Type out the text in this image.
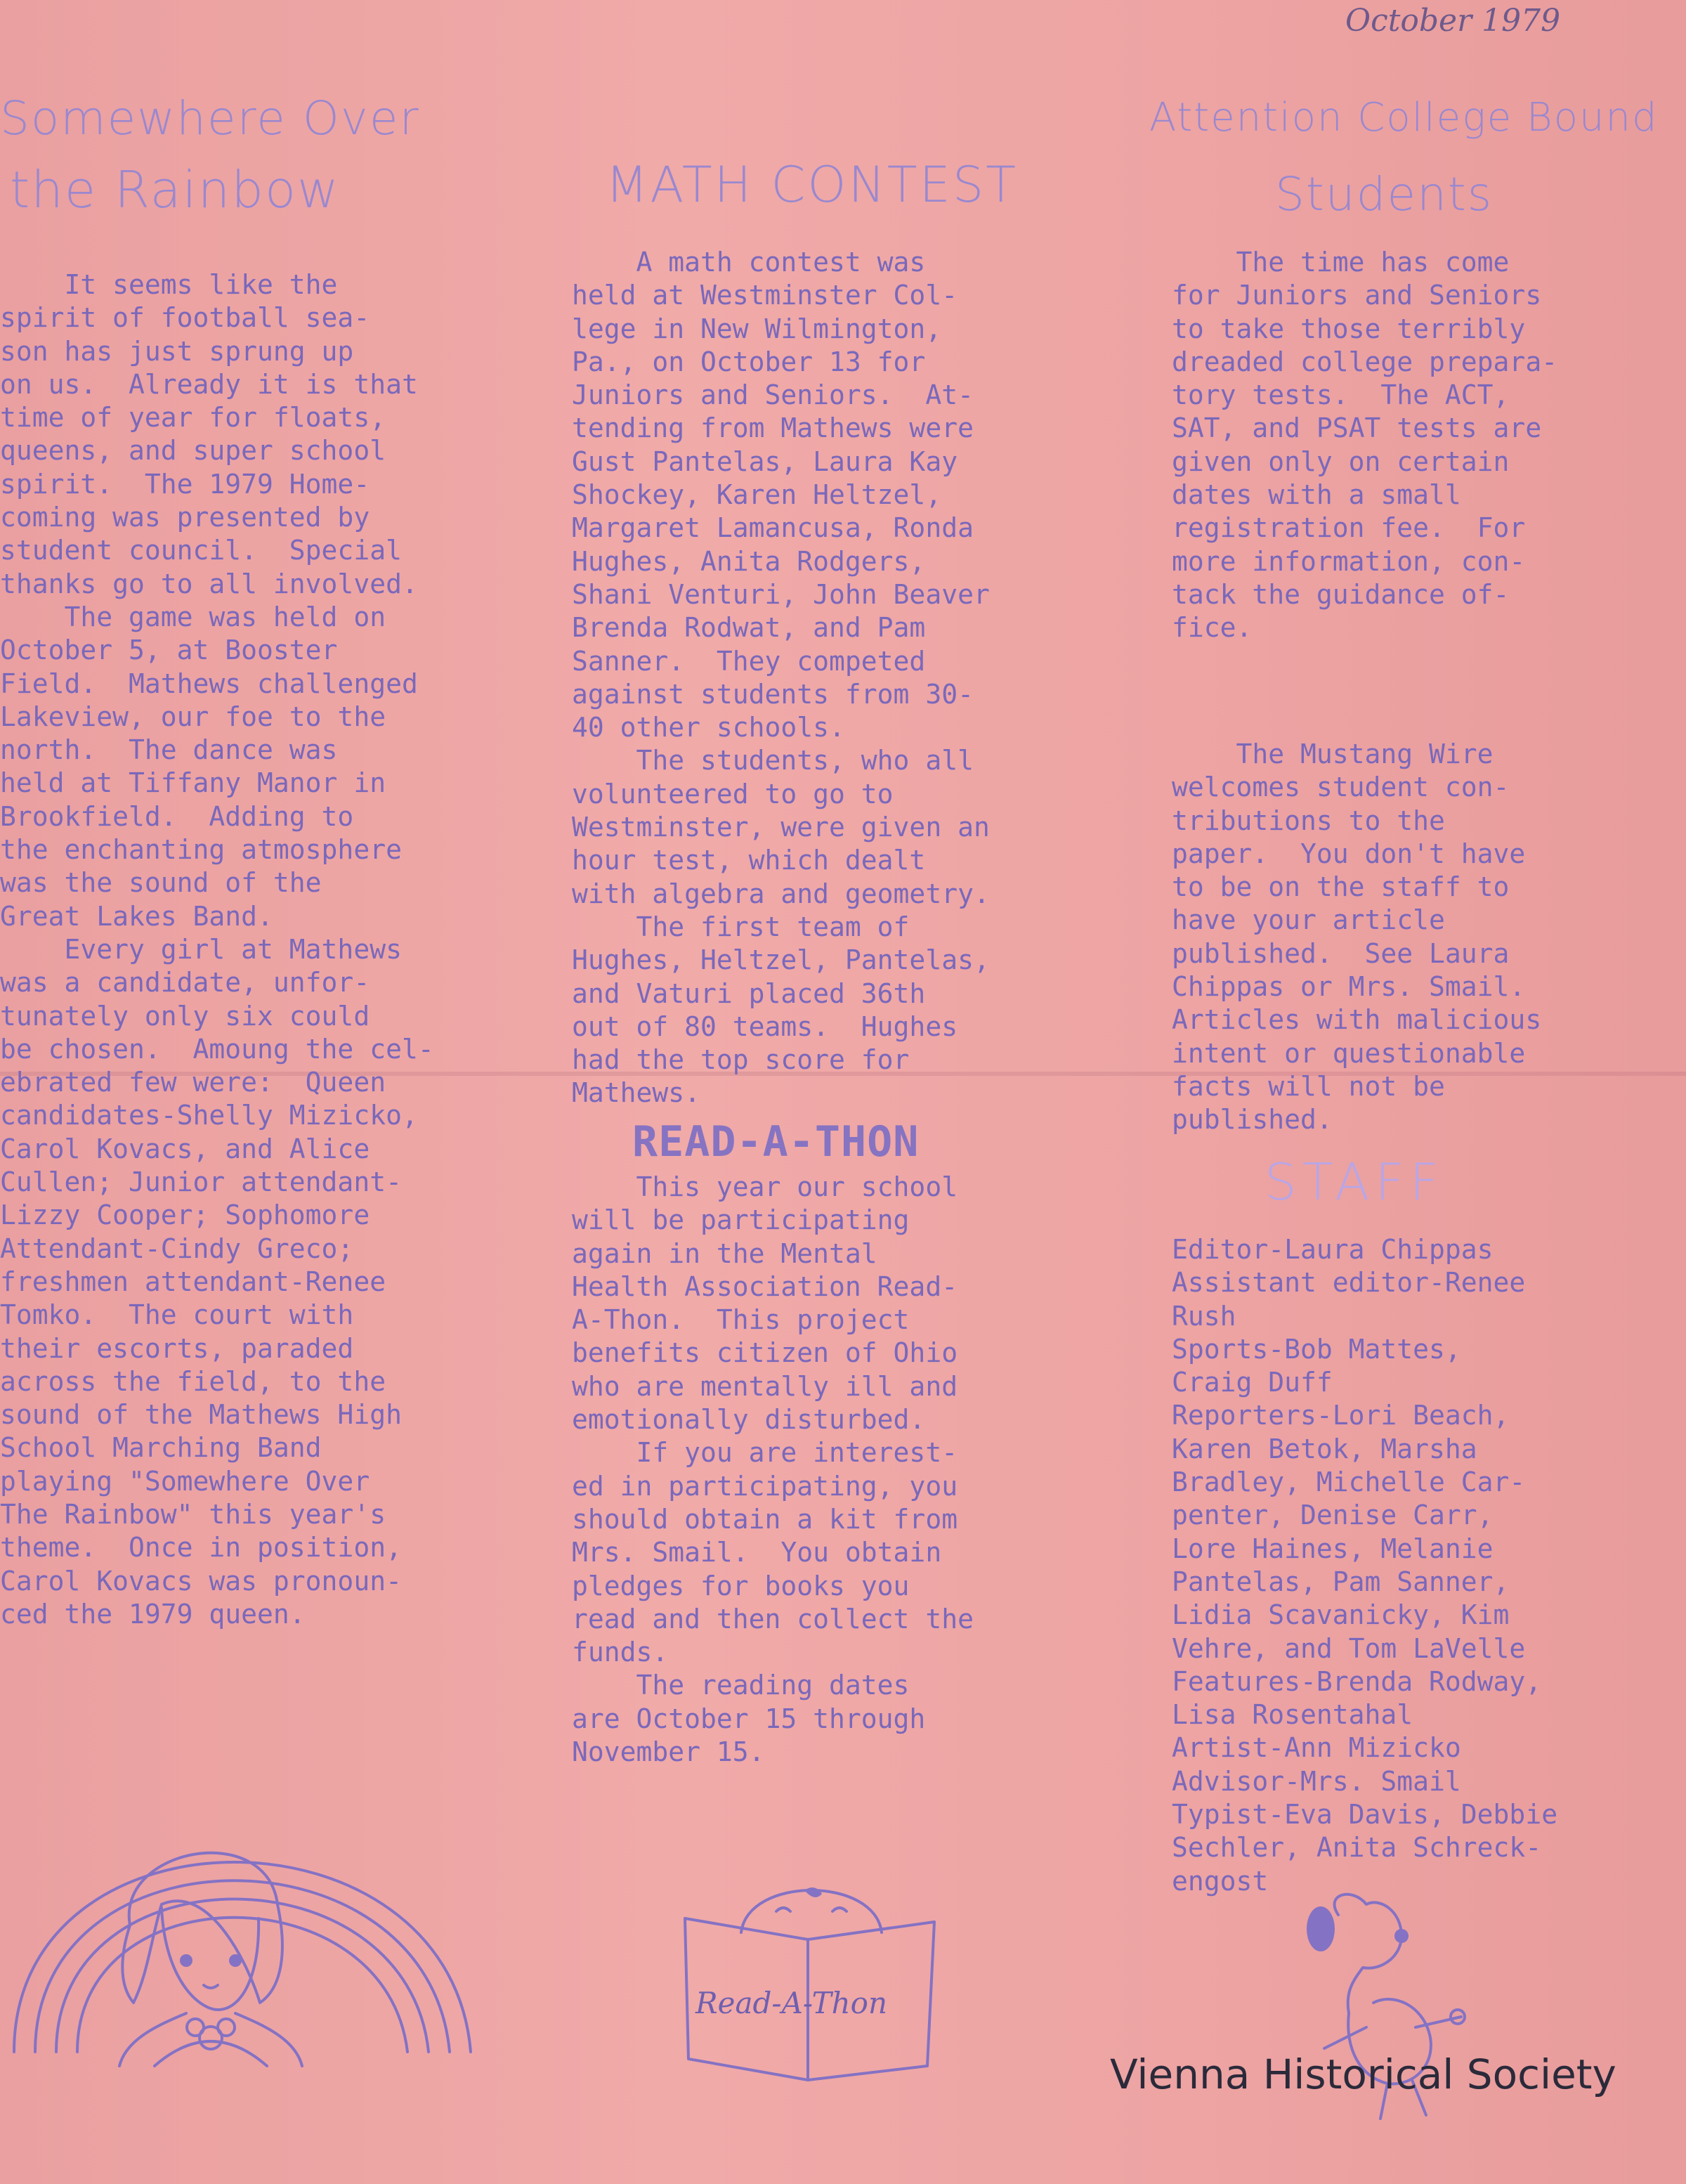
October 1979
Somewhere Over
the Rainbow
It seems like the
spirit of football sea-
son has just sprung up
on us.  Already it is that
time of year for floats,
queens, and super school
spirit.  The 1979 Home-
coming was presented by
student council.  Special
thanks go to all involved.
The game was held on
October 5, at Booster
Field.  Mathews challenged
Lakeview, our foe to the
north.  The dance was
held at Tiffany Manor in
Brookfield.  Adding to
the enchanting atmosphere
was the sound of the
Great Lakes Band.
Every girl at Mathews
was a candidate, unfor-
tunately only six could
be chosen.  Amoung the cel-
ebrated few were:  Queen
candidates-Shelly Mizicko,
Carol Kovacs, and Alice
Cullen; Junior attendant-
Lizzy Cooper; Sophomore
Attendant-Cindy Greco;
freshmen attendant-Renee
Tomko.  The court with
their escorts, paraded
across the field, to the
sound of the Mathews High
School Marching Band
playing "Somewhere Over
The Rainbow" this year's
theme.  Once in position,
Carol Kovacs was pronoun-
ced the 1979 queen.
MATH CONTEST
A math contest was
held at Westminster Col-
lege in New Wilmington,
Pa., on October 13 for
Juniors and Seniors.  At-
tending from Mathews were
Gust Pantelas, Laura Kay
Shockey, Karen Heltzel,
Margaret Lamancusa, Ronda
Hughes, Anita Rodgers,
Shani Venturi, John Beaver
Brenda Rodwat, and Pam
Sanner.  They competed
against students from 30-
40 other schools.
The students, who all
volunteered to go to
Westminster, were given an
hour test, which dealt
with algebra and geometry.
The first team of
Hughes, Heltzel, Pantelas,
and Vaturi placed 36th
out of 80 teams.  Hughes
had the top score for
Mathews.
READ-A-THON
This year our school
will be participating
again in the Mental
Health Association Read-
A-Thon.  This project
benefits citizen of Ohio
who are mentally ill and
emotionally disturbed.
If you are interest-
ed in participating, you
should obtain a kit from
Mrs. Smail.  You obtain
pledges for books you
read and then collect the
funds.
The reading dates
are October 15 through
November 15.
Attention College Bound
Students
The time has come
for Juniors and Seniors
to take those terribly
dreaded college prepara-
tory tests.  The ACT,
SAT, and PSAT tests are
given only on certain
dates with a small
registration fee.  For
more information, con-
tack the guidance of-
fice.
The Mustang Wire
welcomes student con-
tributions to the
paper.  You don't have
to be on the staff to
have your article
published.  See Laura
Chippas or Mrs. Smail.
Articles with malicious
intent or questionable
facts will not be
published.
STAFF
Editor-Laura Chippas
Assistant editor-Renee
Rush
Sports-Bob Mattes,
Craig Duff
Reporters-Lori Beach,
Karen Betok, Marsha
Bradley, Michelle Car-
penter, Denise Carr,
Lore Haines, Melanie
Pantelas, Pam Sanner,
Lidia Scavanicky, Kim
Vehre, and Tom LaVelle
Features-Brenda Rodway,
Lisa Rosentahal
Artist-Ann Mizicko
Advisor-Mrs. Smail
Typist-Eva Davis, Debbie
Sechler, Anita Schreck-
engost
Read-A-Thon
Vienna Historical Society
